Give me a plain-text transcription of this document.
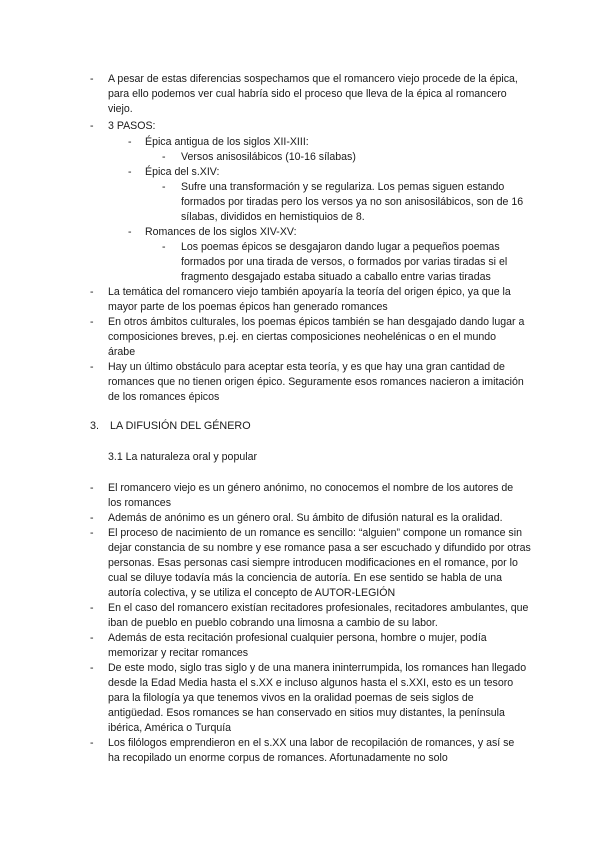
- A pesar de estas diferencias sospechamos que el romancero viejo procede de la épica, para ello podemos ver cual habría sido el proceso que lleva de la épica al romancero viejo.
- 3 PASOS:
- Épica antigua de los siglos XII-XIII:
- Versos anisosilábicos (10-16 sílabas)
- Épica del s.XIV:
- Sufre una transformación y se regulariza. Los pemas siguen estando formados por tiradas pero los versos ya no son anisosilábicos, son de 16 sílabas, divididos en hemistiquios de 8.
- Romances de los siglos XIV-XV:
- Los poemas épicos se desgajaron dando lugar a pequeños poemas formados por una tirada de versos, o formados por varias tiradas si el fragmento desgajado estaba situado a caballo entre varias tiradas
- La temática del romancero viejo también apoyaría la teoría del origen épico, ya que la mayor parte de los poemas épicos han generado romances
- En otros ámbitos culturales, los poemas épicos también se han desgajado dando lugar a composiciones breves, p.ej. en ciertas composiciones neohelénicas o en el mundo árabe
- Hay un último obstáculo para aceptar esta teoría, y es que hay una gran cantidad de romances que no tienen origen épico. Seguramente esos romances nacieron a imitación de los romances épicos
3. LA DIFUSIÓN DEL GÉNERO
3.1 La naturaleza oral y popular
- El romancero viejo es un género anónimo, no conocemos el nombre de los autores de los romances
- Además de anónimo es un género oral. Su ámbito de difusión natural es la oralidad.
- El proceso de nacimiento de un romance es sencillo: “alguien” compone un romance sin dejar constancia de su nombre y ese romance pasa a ser escuchado y difundido por otras personas. Esas personas casi siempre introducen modificaciones en el romance, por lo cual se diluye todavía más la conciencia de autoría. En ese sentido se habla de una autoría colectiva, y se utiliza el concepto de AUTOR-LEGIÓN
- En el caso del romancero existían recitadores profesionales, recitadores ambulantes, que iban de pueblo en pueblo cobrando una limosna a cambio de su labor.
- Además de esta recitación profesional cualquier persona, hombre o mujer, podía memorizar y recitar romances
- De este modo, siglo tras siglo y de una manera ininterrumpida, los romances han llegado desde la Edad Media hasta el s.XX e incluso algunos hasta el s.XXI, esto es un tesoro para la filología ya que tenemos vivos en la oralidad poemas de seis siglos de antigüedad. Esos romances se han conservado en sitios muy distantes, la península ibérica, América o Turquía
- Los filólogos emprendieron en el s.XX una labor de recopilación de romances, y así se ha recopilado un enorme corpus de romances. Afortunadamente no solo
